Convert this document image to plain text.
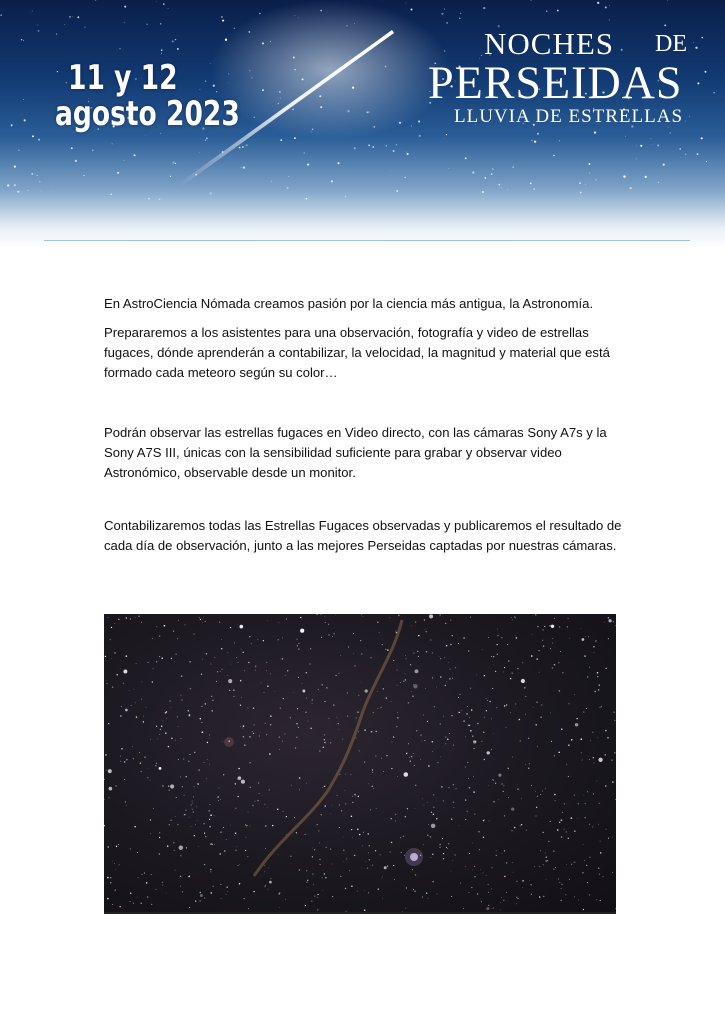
11 y 12
agosto 2023
NOCHES DE
PERSEIDAS
LLUVIA DE ESTRELLAS

En AstroCiencia Nómada creamos pasión por la ciencia más antigua, la Astronomía.

Prepararemos a los asistentes para una observación, fotografía y video de estrellas fugaces, dónde aprenderán a contabilizar, la velocidad, la magnitud y material que está formado cada meteoro según su color…

Podrán observar las estrellas fugaces en Video directo, con las cámaras Sony A7s y la Sony A7S III, únicas con la sensibilidad suficiente para grabar y observar video Astronómico, observable desde un monitor.

Contabilizaremos todas las Estrellas Fugaces observadas y publicaremos el resultado de cada día de observación, junto a las mejores Perseidas captadas por nuestras cámaras.
